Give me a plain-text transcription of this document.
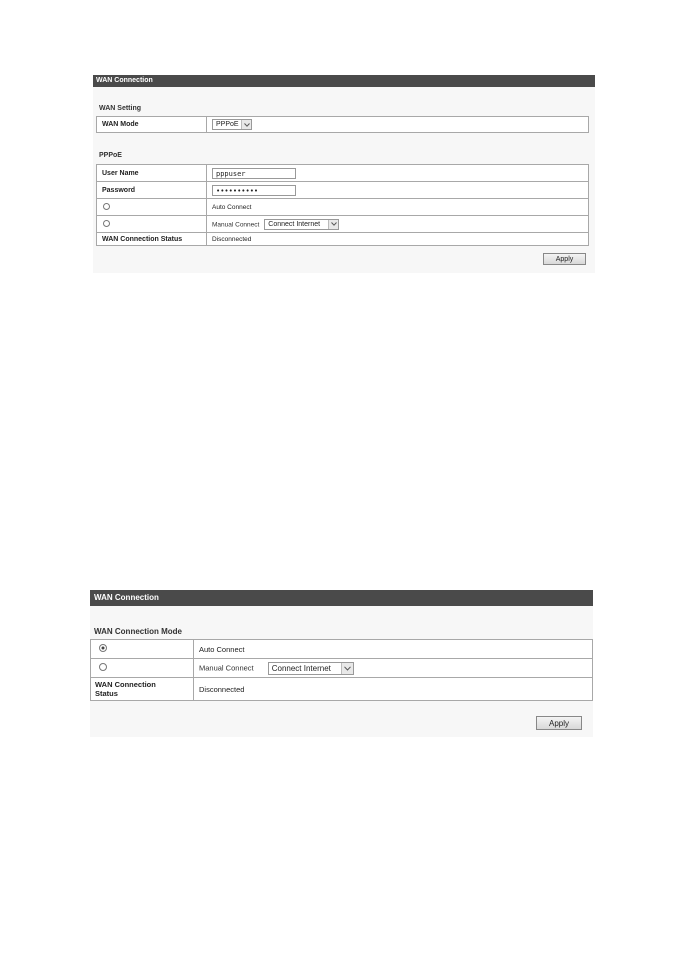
WAN Connection
WAN Setting
WAN Mode	PPPoE
PPPoE
User Name	pppuser
Password	••••••••••
	Auto Connect
	Manual Connect Connect Internet

WAN Connection Status	Disconnected
Apply
WAN Connection
WAN Connection Mode
	Auto Connect
	Manual Connect Connect Internet

WAN Connection
Status	Disconnected
Apply
